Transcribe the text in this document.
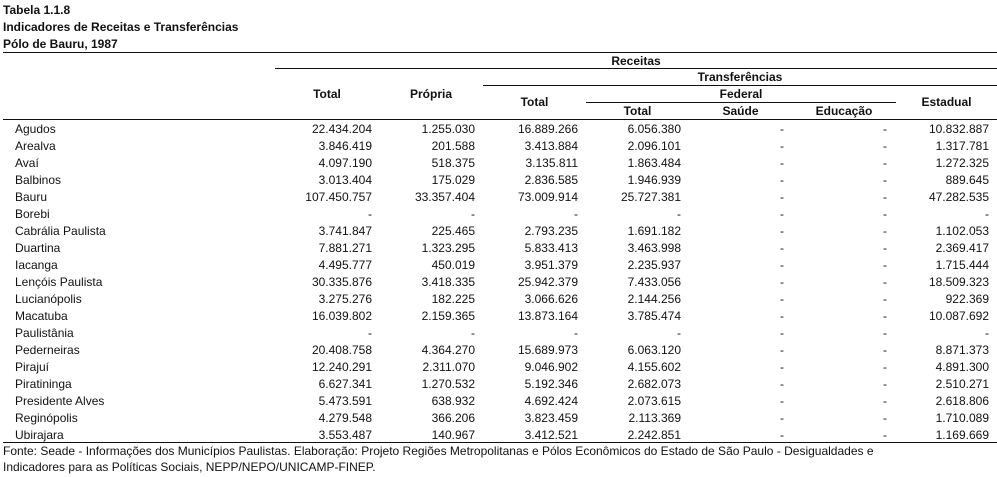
Tabela 1.1.8
Indicadores de Receitas e Transferências
Pólo de Bauru, 1987
Receitas
Transferências
Federal
Total	Própria
Total
Total	Saúde	Educação
Estadual
Agudos	22.434.204	1.255.030	16.889.266	6.056.380	-	-	10.832.887
Arealva	3.846.419	201.588	3.413.884	2.096.101	-	-	1.317.781
Avaí	4.097.190	518.375	3.135.811	1.863.484	-	-	1.272.325
Balbinos	3.013.404	175.029	2.836.585	1.946.939	-	-	889.645
Bauru	107.450.757	33.357.404	73.009.914	25.727.381	-	-	47.282.535
Borebi	-	-	-	-	-	-	-
Cabrália Paulista	3.741.847	225.465	2.793.235	1.691.182	-	-	1.102.053
Duartina	7.881.271	1.323.295	5.833.413	3.463.998	-	-	2.369.417
Iacanga	4.495.777	450.019	3.951.379	2.235.937	-	-	1.715.444
Lençóis Paulista	30.335.876	3.418.335	25.942.379	7.433.056	-	-	18.509.323
Lucianópolis	3.275.276	182.225	3.066.626	2.144.256	-	-	922.369
Macatuba	16.039.802	2.159.365	13.873.164	3.785.474	-	-	10.087.692
Paulistânia	-	-	-	-	-	-	-
Pederneiras	20.408.758	4.364.270	15.689.973	6.063.120	-	-	8.871.373
Pirajuí	12.240.291	2.311.070	9.046.902	4.155.602	-	-	4.891.300
Piratininga	6.627.341	1.270.532	5.192.346	2.682.073	-	-	2.510.271
Presidente Alves	5.473.591	638.932	4.692.424	2.073.615	-	-	2.618.806
Reginópolis	4.279.548	366.206	3.823.459	2.113.369	-	-	1.710.089
Ubirajara	3.553.487	140.967	3.412.521	2.242.851	-	-	1.169.669
Fonte: Seade - Informações dos Municípios Paulistas. Elaboração: Projeto Regiões Metropolitanas e Pólos Econômicos do Estado de São Paulo - Desigualdades e
Indicadores para as Políticas Sociais, NEPP/NEPO/UNICAMP-FINEP.
